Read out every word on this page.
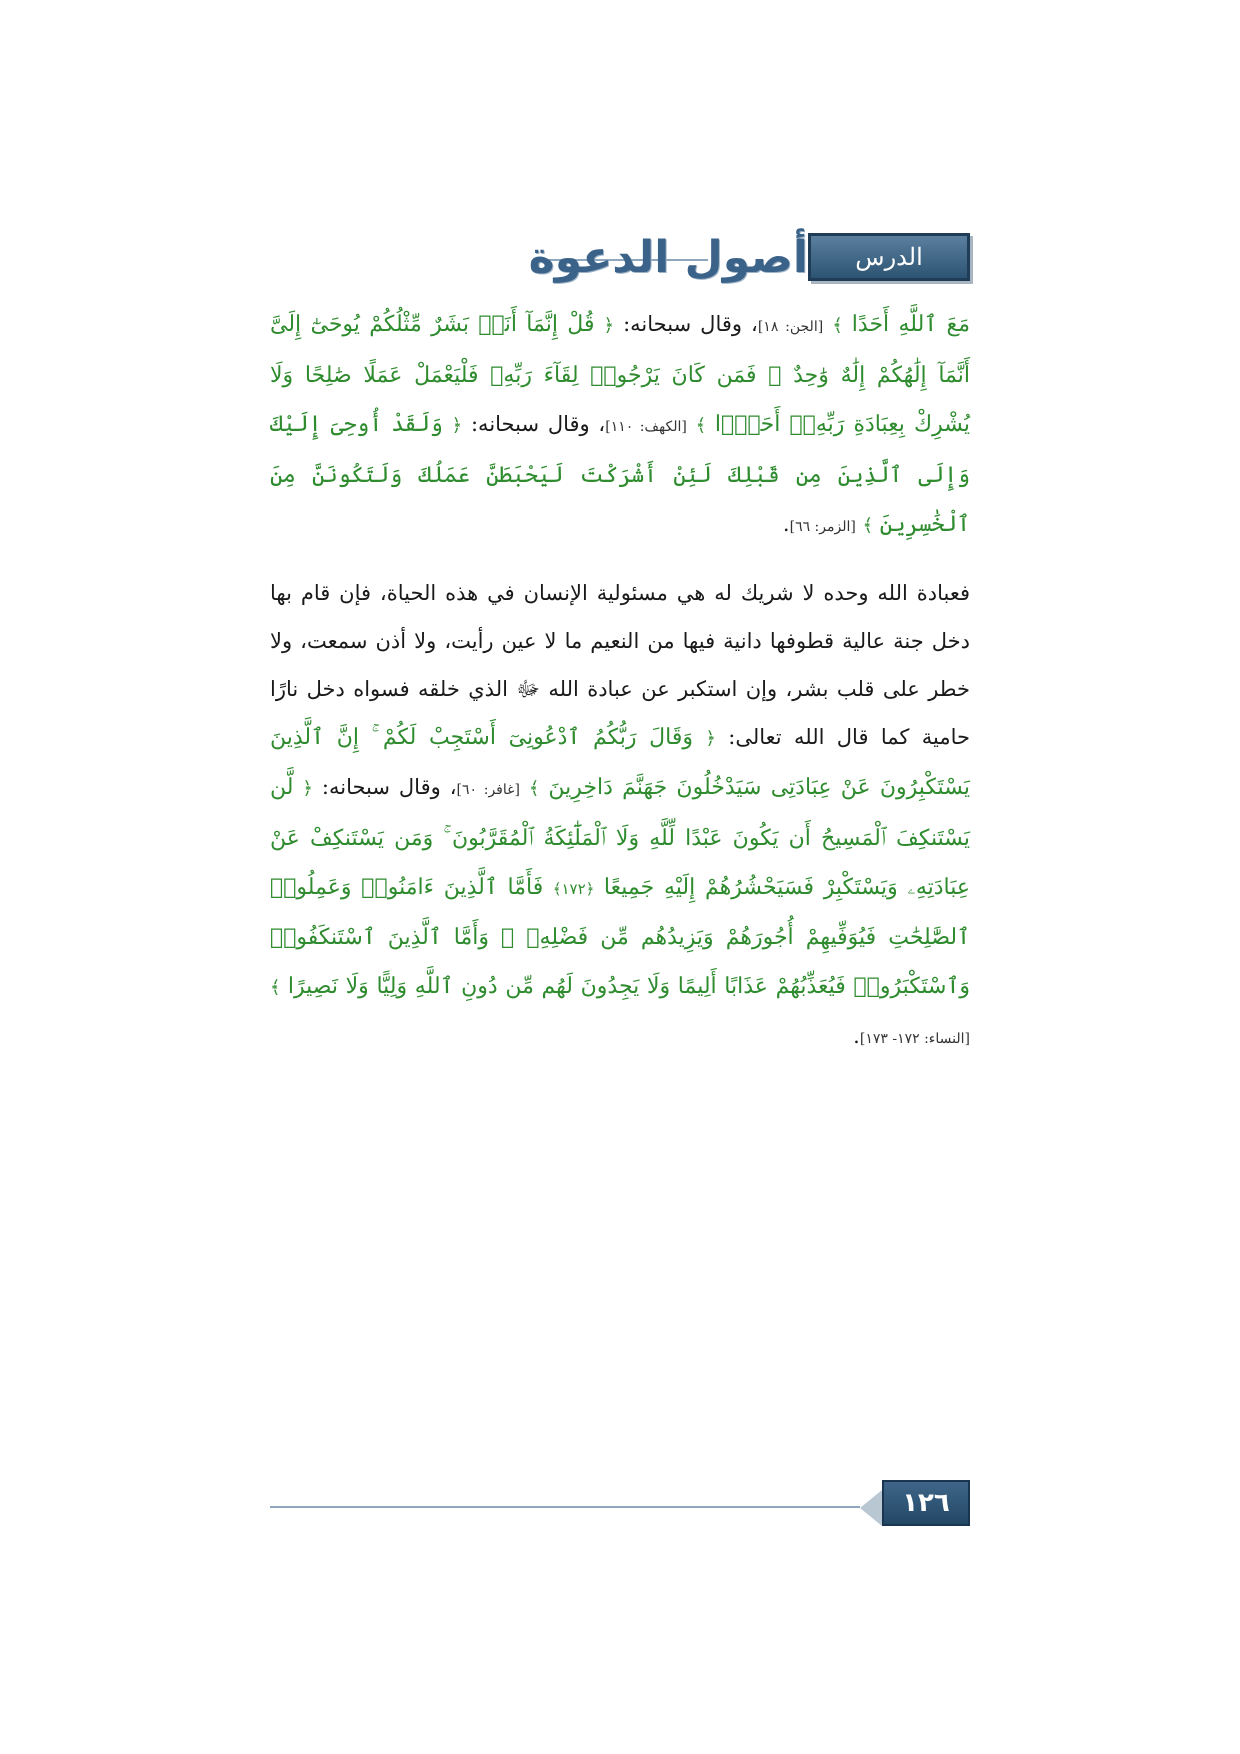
الدرس السادس
أصول الدعوة

مَعَ ٱللَّهِ أَحَدًا ﴾ [الجن: ١٨]، وقال سبحانه: ﴿ قُلْ إِنَّمَآ أَنَا۠ بَشَرٌ مِّثْلُكُمْ يُوحَىٰٓ إِلَىَّ أَنَّمَآ إِلَٰهُكُمْ إِلَٰهٌ وَٰحِدٌ ۖ فَمَن كَانَ يَرْجُوا۟ لِقَآءَ رَبِّهِۦ فَلْيَعْمَلْ عَمَلًا صَٰلِحًا وَلَا يُشْرِكْ بِعِبَادَةِ رَبِّهِۦٓ أَحَدًۢا ﴾ [الكهف: ١١٠]، وقال سبحانه: ﴿ وَلَقَدْ أُوحِىَ إِلَيْكَ وَإِلَى ٱلَّذِينَ مِن قَبْلِكَ لَئِنْ أَشْرَكْتَ لَيَحْبَطَنَّ عَمَلُكَ وَلَتَكُونَنَّ مِنَ ٱلْخَٰسِرِينَ ﴾ [الزمر: ٦٦].

فعبادة الله وحده لا شريك له هي مسئولية الإنسان في هذه الحياة، فإن قام بها دخل جنة عالية قطوفها دانية فيها من النعيم ما لا عين رأيت، ولا أذن سمعت، ولا خطر على قلب بشر، وإن استكبر عن عبادة الله ﷻ الذي خلقه فسواه دخل نارًا حامية كما قال الله تعالى: ﴿ وَقَالَ رَبُّكُمُ ٱدْعُونِىٓ أَسْتَجِبْ لَكُمْ ۚ إِنَّ ٱلَّذِينَ يَسْتَكْبِرُونَ عَنْ عِبَادَتِى سَيَدْخُلُونَ جَهَنَّمَ دَاخِرِينَ ﴾ [غافر: ٦٠]، وقال سبحانه: ﴿ لَّن يَسْتَنكِفَ ٱلْمَسِيحُ أَن يَكُونَ عَبْدًا لِّلَّهِ وَلَا ٱلْمَلَٰٓئِكَةُ ٱلْمُقَرَّبُونَ ۚ وَمَن يَسْتَنكِفْ عَنْ عِبَادَتِهِۦ وَيَسْتَكْبِرْ فَسَيَحْشُرُهُمْ إِلَيْهِ جَمِيعًا ﴿١٧٢﴾ فَأَمَّا ٱلَّذِينَ ءَامَنُوا۟ وَعَمِلُوا۟ ٱلصَّٰلِحَٰتِ فَيُوَفِّيهِمْ أُجُورَهُمْ وَيَزِيدُهُم مِّن فَضْلِهِۦ ۖ وَأَمَّا ٱلَّذِينَ ٱسْتَنكَفُوا۟ وَٱسْتَكْبَرُوا۟ فَيُعَذِّبُهُمْ عَذَابًا أَلِيمًا وَلَا يَجِدُونَ لَهُم مِّن دُونِ ٱللَّهِ وَلِيًّا وَلَا نَصِيرًا ﴾ [النساء: ١٧٢- ١٧٣].

١٢٦
